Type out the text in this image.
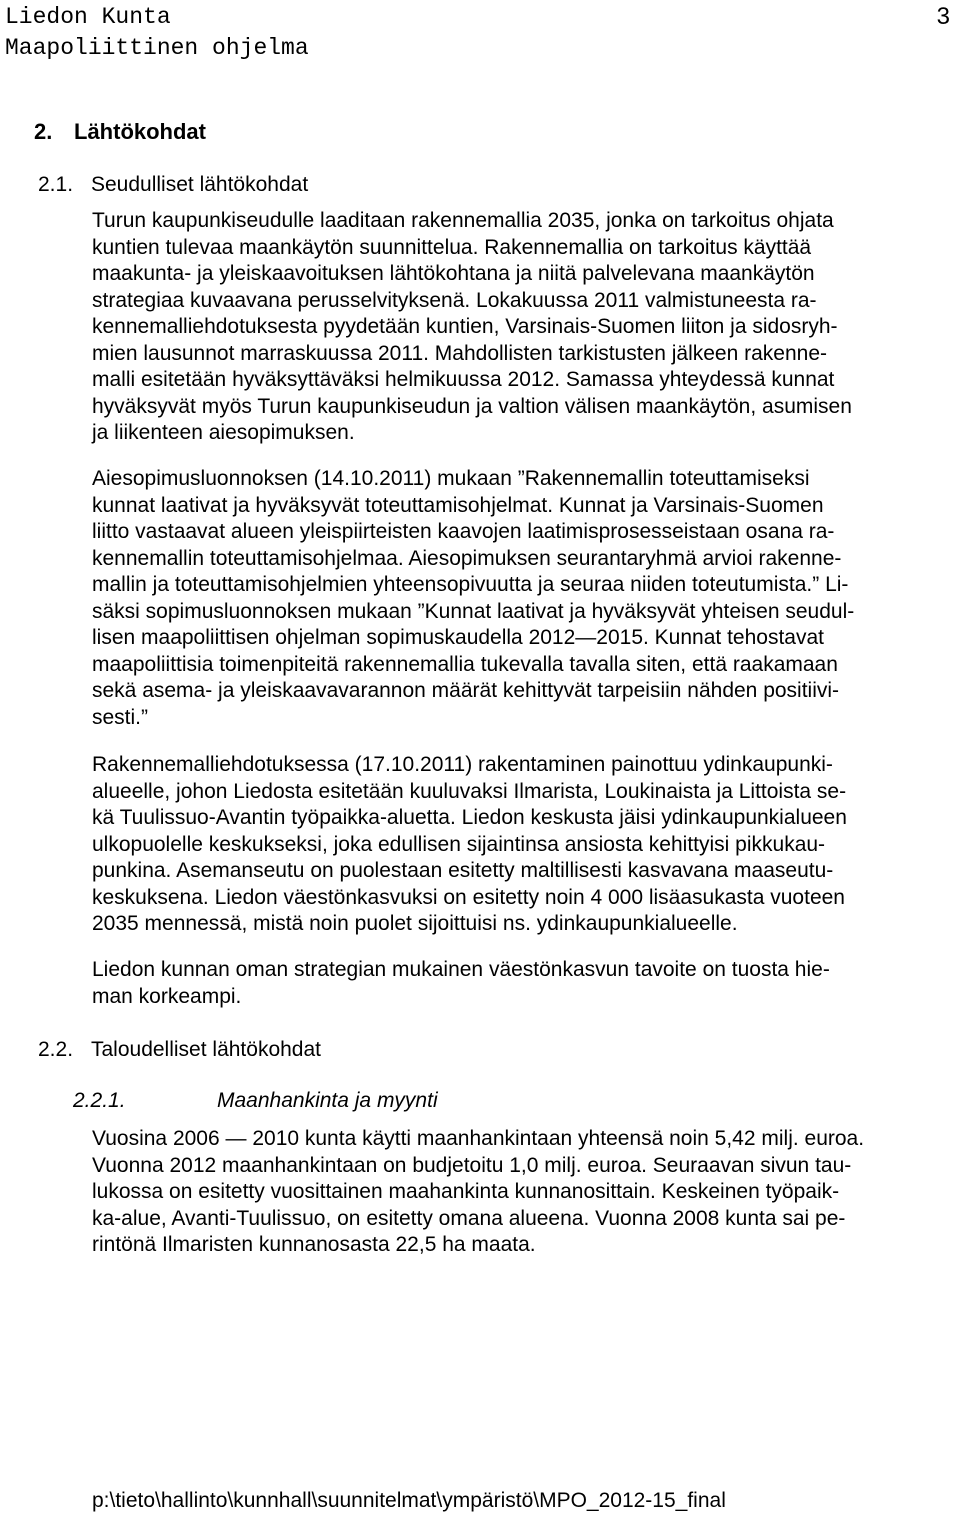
Liedon Kunta
Maapoliittinen ohjelma
3
2. Lähtökohdat
2.1. Seudulliset lähtökohdat
Turun kaupunkiseudulle laaditaan rakennemallia 2035, jonka on tarkoitus ohjata
kuntien tulevaa maankäytön suunnittelua. Rakennemallia on tarkoitus käyttää
maakunta- ja yleiskaavoituksen lähtökohtana ja niitä palvelevana maankäytön
strategiaa kuvaavana perusselvityksenä. Lokakuussa 2011 valmistuneesta ra-
kennemalliehdotuksesta pyydetään kuntien, Varsinais-Suomen liiton ja sidosryh-
mien lausunnot marraskuussa 2011. Mahdollisten tarkistusten jälkeen rakenne-
malli esitetään hyväksyttäväksi helmikuussa 2012. Samassa yhteydessä kunnat
hyväksyvät myös Turun kaupunkiseudun ja valtion välisen maankäytön, asumisen
ja liikenteen aiesopimuksen.
Aiesopimusluonnoksen (14.10.2011) mukaan ”Rakennemallin toteuttamiseksi
kunnat laativat ja hyväksyvät toteuttamisohjelmat. Kunnat ja Varsinais-Suomen
liitto vastaavat alueen yleispiirteisten kaavojen laatimisprosesseistaan osana ra-
kennemallin toteuttamisohjelmaa. Aiesopimuksen seurantaryhmä arvioi rakenne-
mallin ja toteuttamisohjelmien yhteensopivuutta ja seuraa niiden toteutumista.” Li-
säksi sopimusluonnoksen mukaan ”Kunnat laativat ja hyväksyvät yhteisen seudul-
lisen maapoliittisen ohjelman sopimuskaudella 2012—2015. Kunnat tehostavat
maapoliittisia toimenpiteitä rakennemallia tukevalla tavalla siten, että raakamaan
sekä asema- ja yleiskaavavarannon määrät kehittyvät tarpeisiin nähden positiivi-
sesti.”
Rakennemalliehdotuksessa (17.10.2011) rakentaminen painottuu ydinkaupunki-
alueelle, johon Liedosta esitetään kuuluvaksi Ilmarista, Loukinaista ja Littoista se-
kä Tuulissuo-Avantin työpaikka-aluetta. Liedon keskusta jäisi ydinkaupunkialueen
ulkopuolelle keskukseksi, joka edullisen sijaintinsa ansiosta kehittyisi pikkukau-
punkina. Asemanseutu on puolestaan esitetty maltillisesti kasvavana maaseutu-
keskuksena. Liedon väestönkasvuksi on esitetty noin 4 000 lisäasukasta vuoteen
2035 mennessä, mistä noin puolet sijoittuisi ns. ydinkaupunkialueelle.
Liedon kunnan oman strategian mukainen väestönkasvun tavoite on tuosta hie-
man korkeampi.
2.2. Taloudelliset lähtökohdat
2.2.1.	Maanhankinta ja myynti
Vuosina 2006 — 2010 kunta käytti maanhankintaan yhteensä noin 5,42 milj. euroa.
Vuonna 2012 maanhankintaan on budjetoitu 1,0 milj. euroa. Seuraavan sivun tau-
lukossa on esitetty vuosittainen maahankinta kunnanosittain. Keskeinen työpaik-
ka-alue, Avanti-Tuulissuo, on esitetty omana alueena. Vuonna 2008 kunta sai pe-
rintönä Ilmaristen kunnanosasta 22,5 ha maata.
p:\tieto\hallinto\kunnhall\suunnitelmat\ympäristö\MPO_2012-15_final
